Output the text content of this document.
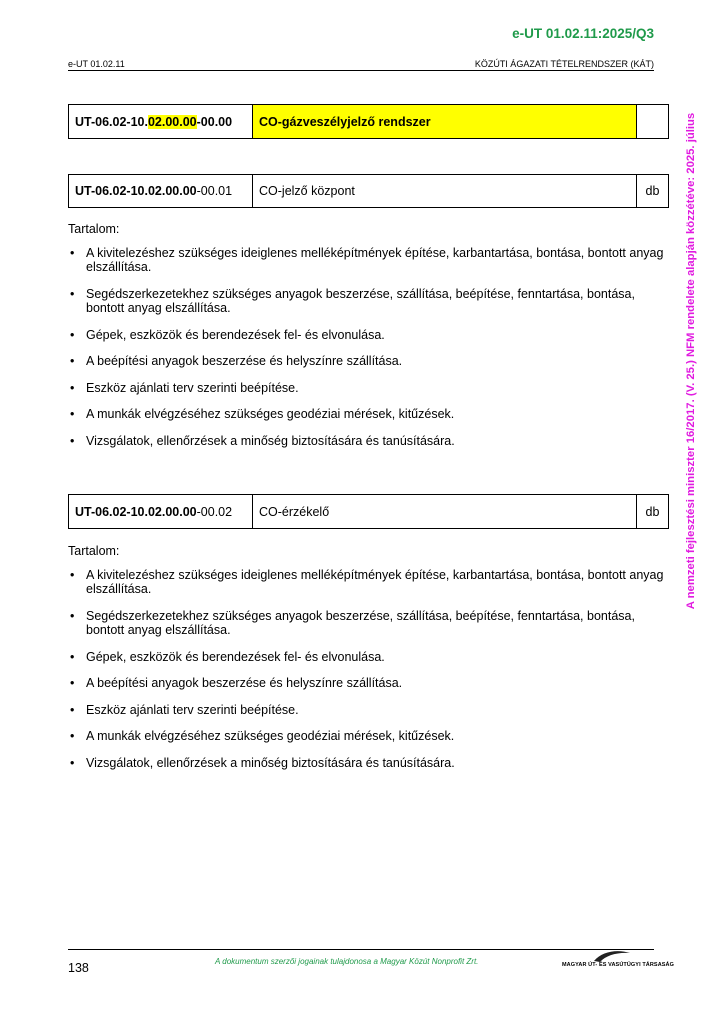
e-UT 01.02.11:2025/Q3
e-UT 01.02.11	KÖZÚTI ÁGAZATI TÉTELRENDSZER (KÁT)
A nemzeti fejlesztési miniszter 16/2017. (V. 25.) NFM rendelete alapján közzétéve: 2025. július
UT-06.02-10.02.00.00-00.00	CO-gázveszélyjelző rendszer	
UT-06.02-10.02.00.00-00.01	CO-jelző központ	db
Tartalom:
• A kivitelezéshez szükséges ideiglenes melléképítmények építése, karbantartása, bontása, bontott anyag elszállítása.
• Segédszerkezetekhez szükséges anyagok beszerzése, szállítása, beépítése, fenntartása, bontása, bontott anyag elszállítása.
• Gépek, eszközök és berendezések fel- és elvonulása.
• A beépítési anyagok beszerzése és helyszínre szállítása.
• Eszköz ajánlati terv szerinti beépítése.
• A munkák elvégzéséhez szükséges geodéziai mérések, kitűzések.
• Vizsgálatok, ellenőrzések a minőség biztosítására és tanúsítására.
UT-06.02-10.02.00.00-00.02	CO-érzékelő	db
Tartalom:
• A kivitelezéshez szükséges ideiglenes melléképítmények építése, karbantartása, bontása, bontott anyag elszállítása.
• Segédszerkezetekhez szükséges anyagok beszerzése, szállítása, beépítése, fenntartása, bontása, bontott anyag elszállítása.
• Gépek, eszközök és berendezések fel- és elvonulása.
• A beépítési anyagok beszerzése és helyszínre szállítása.
• Eszköz ajánlati terv szerinti beépítése.
• A munkák elvégzéséhez szükséges geodéziai mérések, kitűzések.
• Vizsgálatok, ellenőrzések a minőség biztosítására és tanúsítására.
138	A dokumentum szerzői jogainak tulajdonosa a Magyar Közút Nonprofit Zrt.	MAGYAR ÚT- ÉS VASÚTÜGYI TÁRSASÁG
